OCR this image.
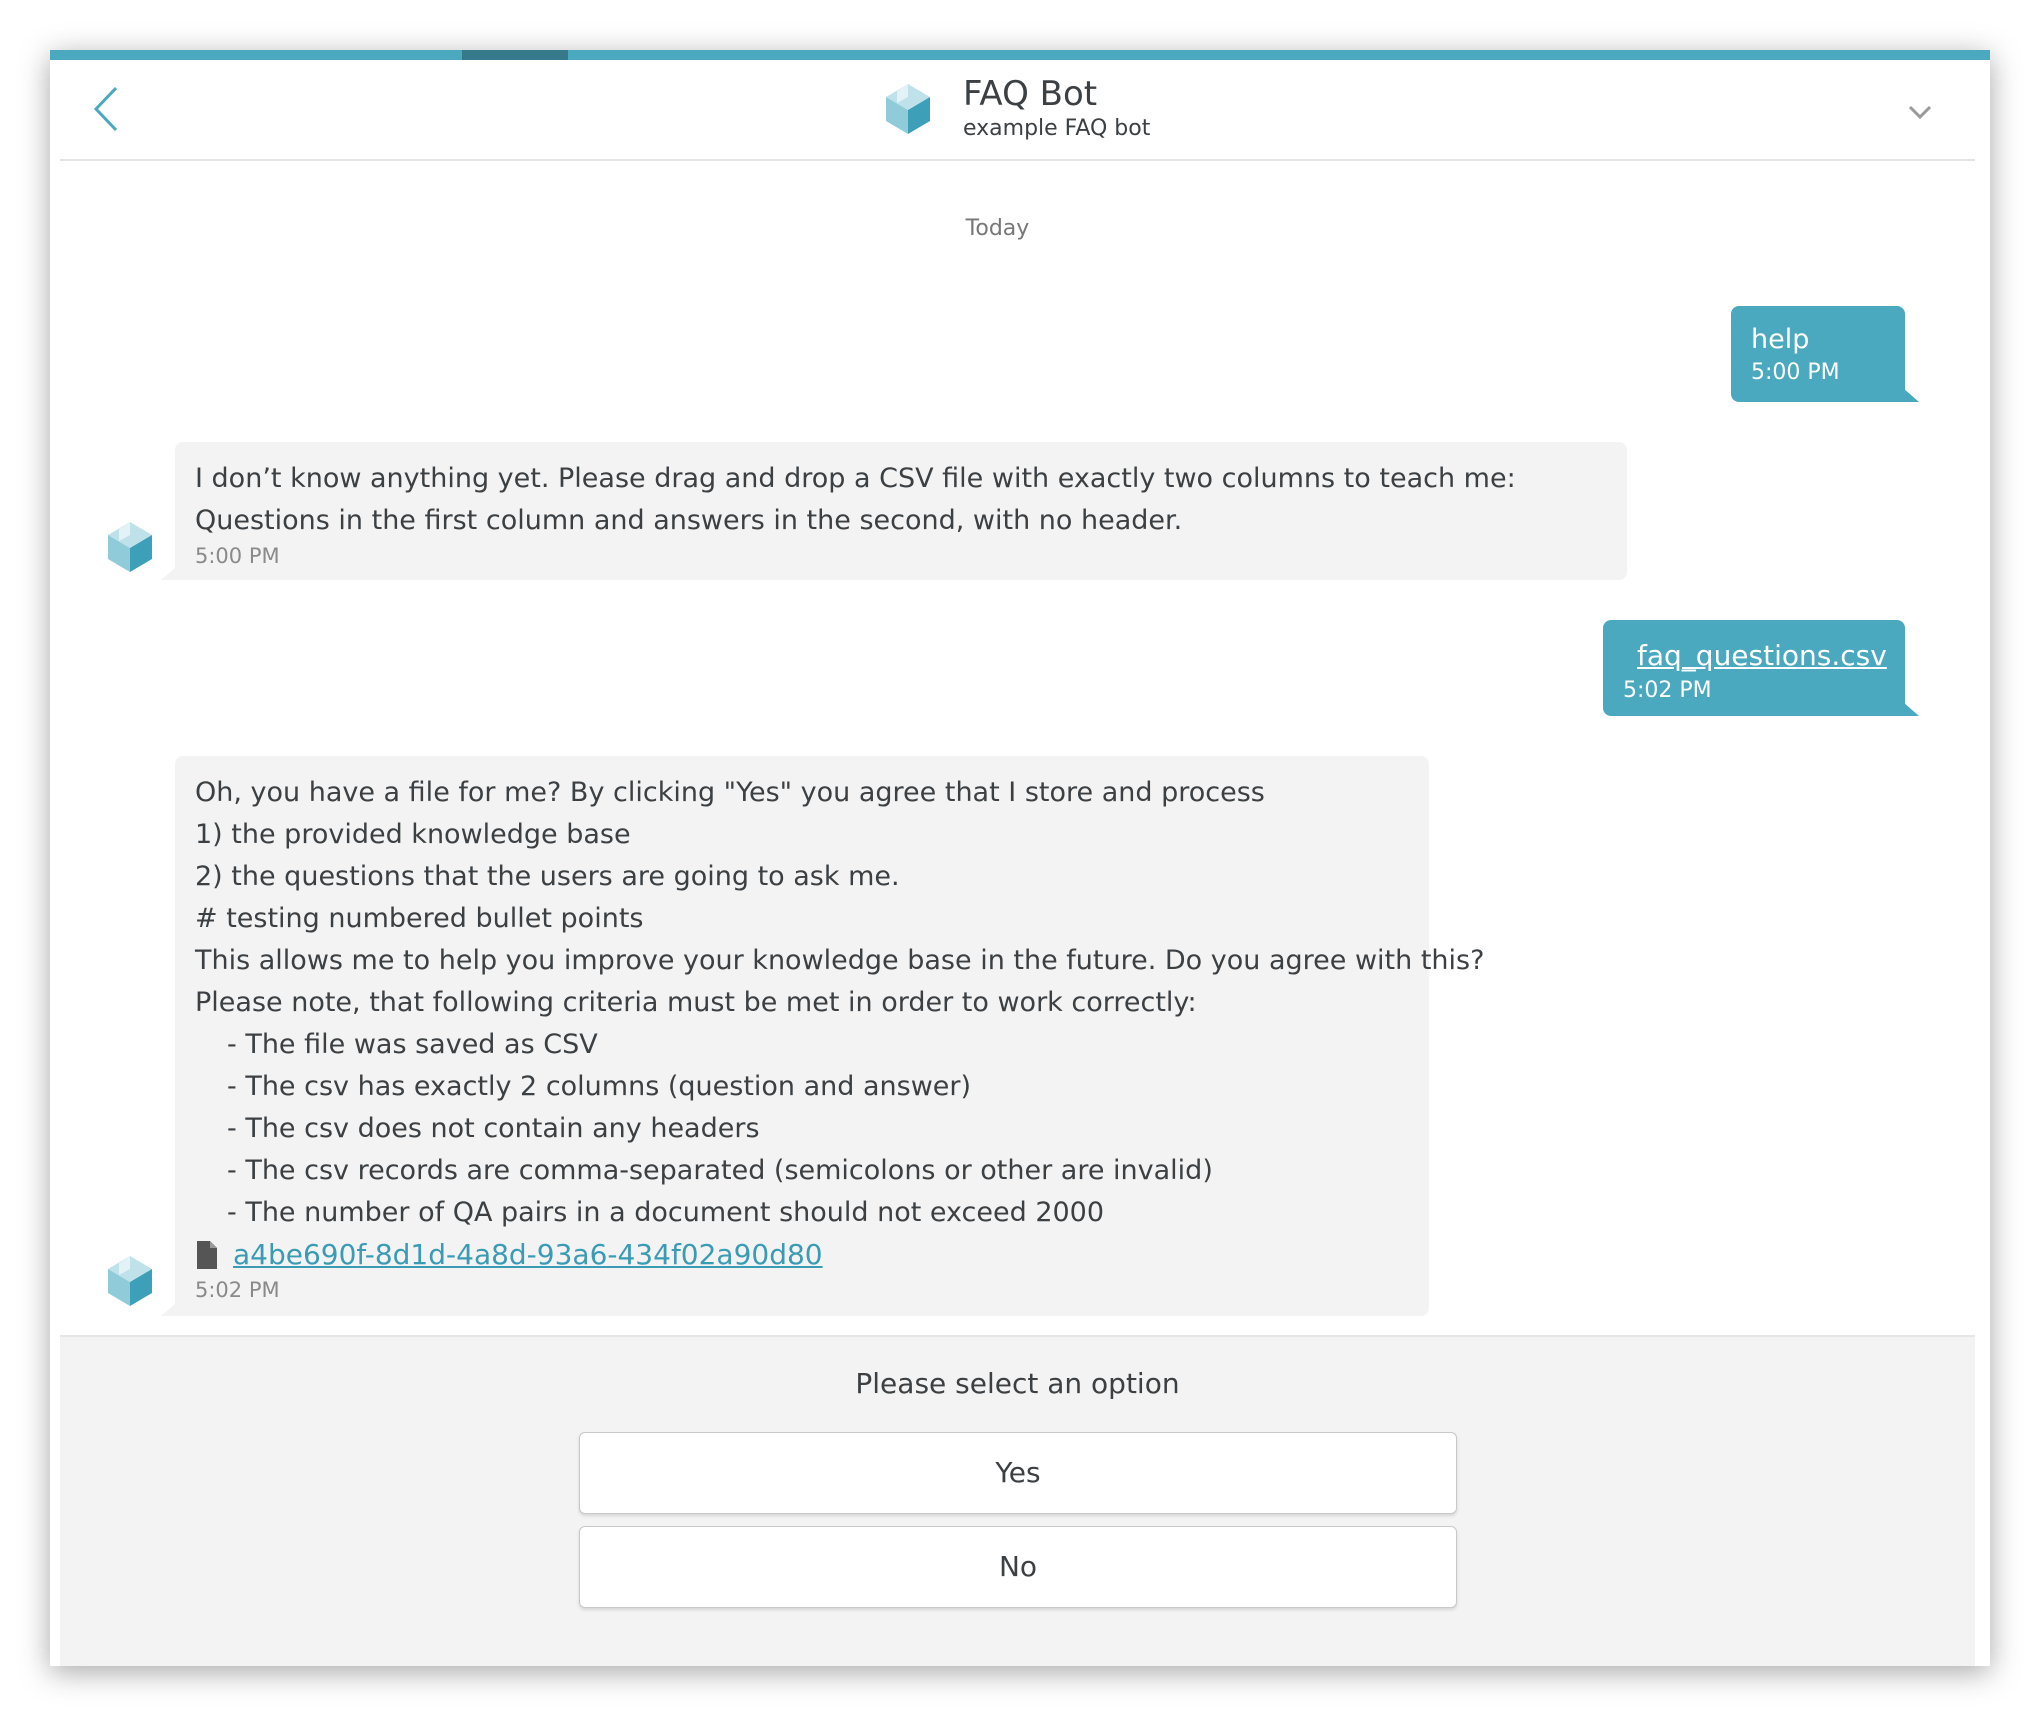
FAQ Bot
example FAQ bot
Today
help
5:00 PM
I don’t know anything yet. Please drag and drop a CSV file with exactly two columns to teach me: Questions in the first column and answers in the second, with no header.
5:00 PM
faq_questions.csv
5:02 PM
Oh, you have a file for me? By clicking "Yes" you agree that I store and process
1) the provided knowledge base
2) the questions that the users are going to ask me.
# testing numbered bullet points
This allows me to help you improve your knowledge base in the future. Do you agree with this?
Please note, that following criteria must be met in order to work correctly:
- The file was saved as CSV
- The csv has exactly 2 columns (question and answer)
- The csv does not contain any headers
- The csv records are comma-separated (semicolons or other are invalid)
- The number of QA pairs in a document should not exceed 2000
a4be690f-8d1d-4a8d-93a6-434f02a90d80
5:02 PM
Please select an option
Yes
No
